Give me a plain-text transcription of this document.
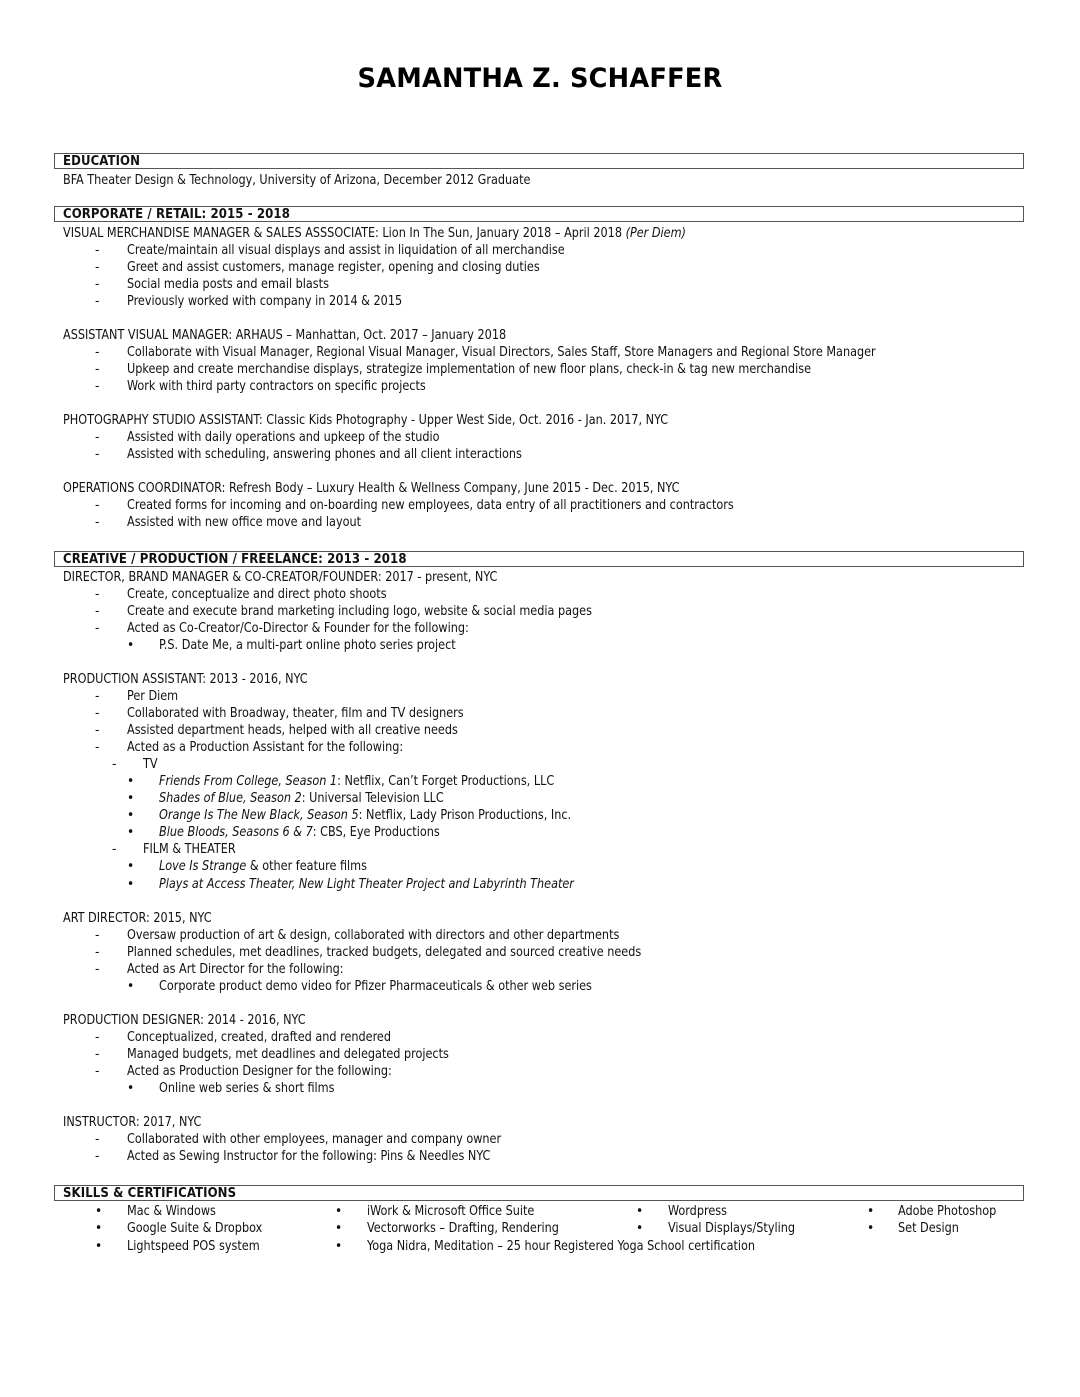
SAMANTHA Z. SCHAFFER
EDUCATION
BFA Theater Design & Technology, University of Arizona, December 2012 Graduate
CORPORATE / RETAIL: 2015 - 2018
VISUAL MERCHANDISE MANAGER & SALES ASSSOCIATE: Lion In The Sun, January 2018 – April 2018 (Per Diem)
- Create/maintain all visual displays and assist in liquidation of all merchandise
- Greet and assist customers, manage register, opening and closing duties
- Social media posts and email blasts
- Previously worked with company in 2014 & 2015
ASSISTANT VISUAL MANAGER: ARHAUS – Manhattan, Oct. 2017 – January 2018
- Collaborate with Visual Manager, Regional Visual Manager, Visual Directors, Sales Staff, Store Managers and Regional Store Manager
- Upkeep and create merchandise displays, strategize implementation of new floor plans, check-in & tag new merchandise
- Work with third party contractors on specific projects
PHOTOGRAPHY STUDIO ASSISTANT: Classic Kids Photography - Upper West Side, Oct. 2016 - Jan. 2017, NYC
- Assisted with daily operations and upkeep of the studio
- Assisted with scheduling, answering phones and all client interactions
OPERATIONS COORDINATOR: Refresh Body – Luxury Health & Wellness Company, June 2015 - Dec. 2015, NYC
- Created forms for incoming and on-boarding new employees, data entry of all practitioners and contractors
- Assisted with new office move and layout
CREATIVE / PRODUCTION / FREELANCE: 2013 - 2018
DIRECTOR, BRAND MANAGER & CO-CREATOR/FOUNDER: 2017 - present, NYC
- Create, conceptualize and direct photo shoots
- Create and execute brand marketing including logo, website & social media pages
- Acted as Co-Creator/Co-Director & Founder for the following:
• P.S. Date Me, a multi-part online photo series project
PRODUCTION ASSISTANT: 2013 - 2016, NYC
- Per Diem
- Collaborated with Broadway, theater, film and TV designers
- Assisted department heads, helped with all creative needs
- Acted as a Production Assistant for the following:
- TV
• Friends From College, Season 1: Netflix, Can’t Forget Productions, LLC
• Shades of Blue, Season 2: Universal Television LLC
• Orange Is The New Black, Season 5: Netflix, Lady Prison Productions, Inc.
• Blue Bloods, Seasons 6 & 7: CBS, Eye Productions
- FILM & THEATER
• Love Is Strange & other feature films
• Plays at Access Theater, New Light Theater Project and Labyrinth Theater
ART DIRECTOR: 2015, NYC
- Oversaw production of art & design, collaborated with directors and other departments
- Planned schedules, met deadlines, tracked budgets, delegated and sourced creative needs
- Acted as Art Director for the following:
• Corporate product demo video for Pfizer Pharmaceuticals & other web series
PRODUCTION DESIGNER: 2014 - 2016, NYC
- Conceptualized, created, drafted and rendered
- Managed budgets, met deadlines and delegated projects
- Acted as Production Designer for the following:
• Online web series & short films
INSTRUCTOR: 2017, NYC
- Collaborated with other employees, manager and company owner
- Acted as Sewing Instructor for the following: Pins & Needles NYC
SKILLS & CERTIFICATIONS
• Mac & Windows
• Google Suite & Dropbox
• Lightspeed POS system
• iWork & Microsoft Office Suite
• Vectorworks – Drafting, Rendering
• Yoga Nidra, Meditation – 25 hour Registered Yoga School certification
• Wordpress
• Visual Displays/Styling
• Adobe Photoshop
• Set Design
